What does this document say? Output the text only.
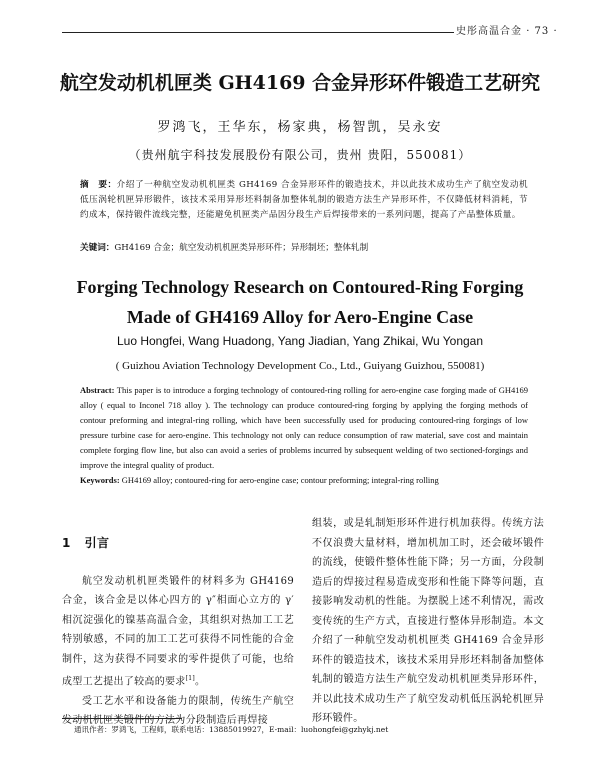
史彤高温合金 · 73 ·
航空发动机机匣类 GH4169 合金异形环件锻造工艺研究
罗鸿飞，王华东，杨家典，杨智凯，吴永安
（贵州航宇科技发展股份有限公司，贵州 贵阳，550081）
摘　要：介绍了一种航空发动机机匣类 GH4169 合金异形环件的锻造技术，并以此技术成功生产了航空发动机低压涡轮机匣异形锻件，该技术采用异形坯料制备加整体轧制的锻造方法生产异形环件，不仅降低材料消耗，节约成本，保持锻件流线完整，还能避免机匣类产品因分段生产后焊接带来的一系列问题，提高了产品整体质量。
关键词：GH4169 合金；航空发动机机匣类异形环件；异形制坯；整体轧制
Forging Technology Research on Contoured-Ring Forging
Made of GH4169 Alloy for Aero-Engine Case
Luo Hongfei, Wang Huadong, Yang Jiadian, Yang Zhikai, Wu Yongan
( Guizhou Aviation Technology Development Co., Ltd., Guiyang Guizhou, 550081)
Abstract: This paper is to introduce a forging technology of contoured-ring rolling for aero-engine case forging made of GH4169 alloy ( equal to Inconel 718 alloy ). The technology can produce contoured-ring forging by applying the forging methods of contour preforming and integral-ring rolling, which have been successfully used for producing contoured-ring forgings of low pressure turbine case for aero-engine. This technology not only can reduce consumption of raw material, save cost and maintain complete forging flow line, but also can avoid a series of problems incurred by subsequent welding of two sectioned-forgings and improve the integral quality of product.
Keywords: GH4169 alloy; contoured-ring for aero-engine case; contour preforming; integral-ring rolling
1 引言

航空发动机机匣类锻件的材料多为 GH4169 合金，该合金是以体心四方的 γ″相面心立方的 γ′相沉淀强化的镍基高温合金，其组织对热加工工艺特别敏感，不同的加工工艺可获得不同性能的合金制件，这为获得不同要求的零件提供了可能，也给成型工艺提出了较高的要求[1]。

受工艺水平和设备能力的限制，传统生产航空发动机机匣类锻件的方法为分段制造后再焊接

组装，或是轧制矩形环件进行机加获得。传统方法不仅浪费大量材料，增加机加工时，还会破坏锻件的流线，使锻件整体性能下降；另一方面，分段制造后的焊接过程易造成变形和性能下降等问题，直接影响发动机的性能。为摆脱上述不利情况，需改变传统的生产方式，直接进行整体异形制造。本文介绍了一种航空发动机机匣类 GH4169 合金异形环件的锻造技术，该技术采用异形坯料制备加整体轧制的锻造方法生产航空发动机机匣类异形环件，并以此技术成功生产了航空发动机低压涡轮机匣异形环锻件。

通讯作者：罗鸿飞，工程师，联系电话：13885019927，E-mail：luohongfei@gzhykj.net
